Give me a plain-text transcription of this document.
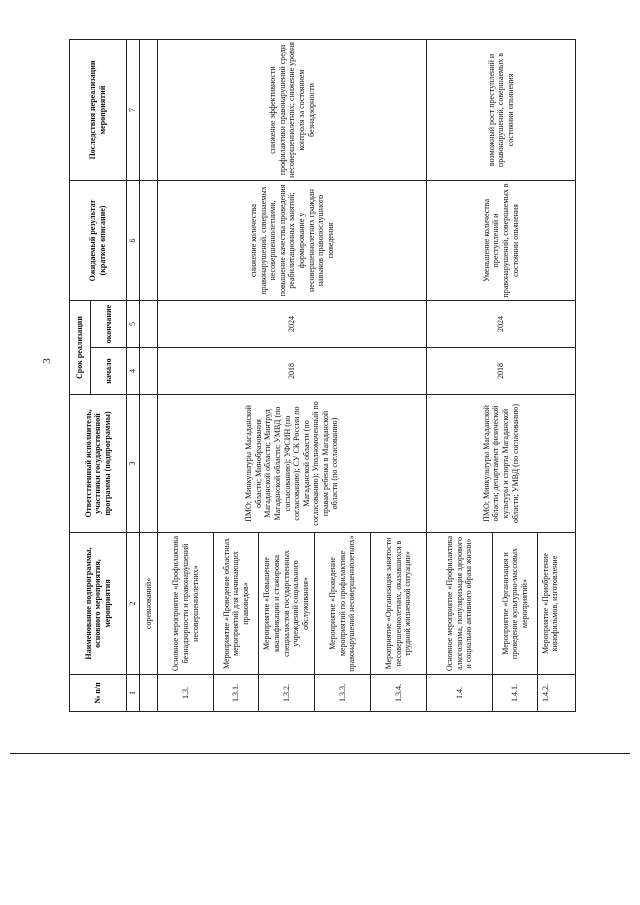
3
№ п/п	Наименование подпрограммы, основного мероприятия, мероприятия	Ответственный исполнитель, участники государственной программы (подпрограммы)	Срок реализации		Ожидаемый результат (краткое описание)	Последствия нереализации мероприятий
			начало	окончание		
1	2	3	4	5	6	7
	соревнований»					
1.3.	Основное мероприятие «Профилактика безнадзорности и правонарушений несовершеннолетних»	ПМО; Минкультуры Магаданской области; Минобразования Магаданской области; Минтруд Магаданской области; УМВД (по согласованию); УФСИН (по согласованию); СУ СК России по Магаданской области (по согласованию); Уполномоченный по правам ребенка в Магаданской области (по согласованию)	2018	2024	снижение количества правонарушений, совершаемых несовершеннолетними, повышение качества проведения реабилитационных занятий; формирование у несовершеннолетних граждан навыков правопослушного поведения	снижение эффективности профилактики правонарушений среди несовершеннолетних; снижение уровня контроля за состоянием безнадзорности
1.3.1.	Мероприятие «Проведение областных мероприятий для начинающих правоведов»					
1.3.2.	Мероприятие «Повышение квалификации и стажировка специалистов государственных учреждений социального обслуживания»					
1.3.3.	Мероприятие «Проведение мероприятий по профилактике правонарушений несовершеннолетних»					
1.3.4.	Мероприятие «Организация занятости несовершеннолетних, оказавшихся в трудной жизненной ситуации»					
1.4.	Основное мероприятие «Профилактика алкоголизма, популяризация здорового и социально активного образа жизни»	ПМО; Минкультуры Магаданской области; департамент физической культуры и спорта Магаданской области; УМВД (по согласованию)	2018	2024	Уменьшение количества преступлений и правонарушений, совершаемых в состоянии опьянения	возможный рост преступлений и правонарушений, совершаемых в состоянии опьянения
1.4.1.	Мероприятие «Организация и проведение культурно-массовых мероприятий»					
1.4.2.	Мероприятие «Приобретение кинофильмов, изготовление					
